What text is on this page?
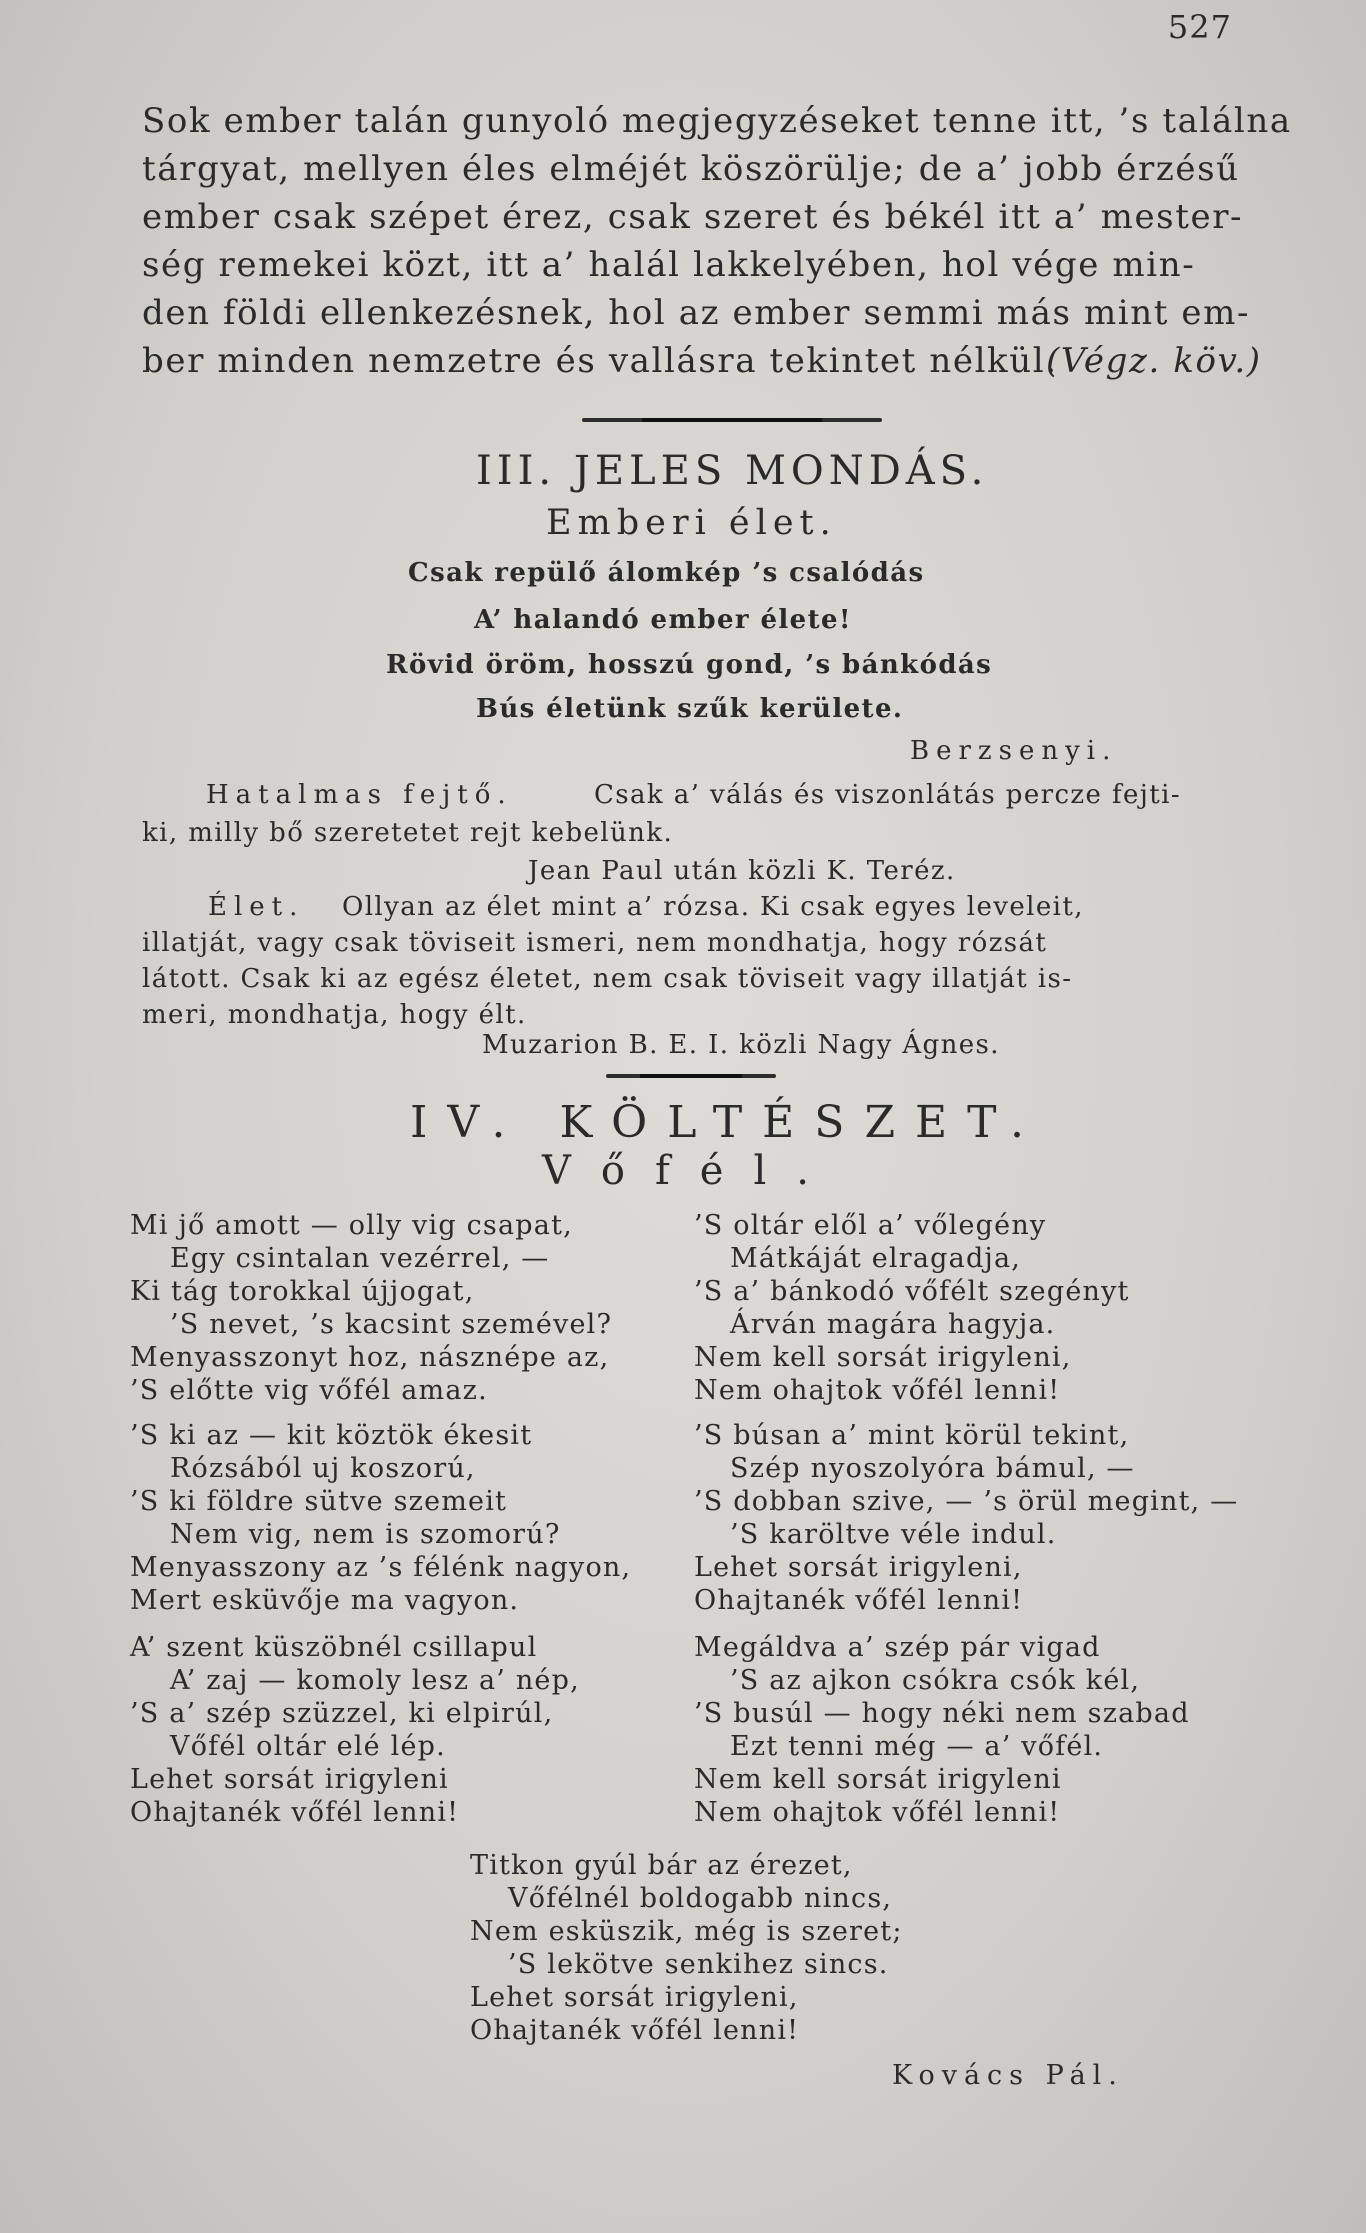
527
Sok ember talán gunyoló megjegyzéseket tenne itt, ’s találna
tárgyat, mellyen éles elméjét köszörülje; de a’ jobb érzésű
ember csak szépet érez, csak szeret és békél itt a’ mester-
ség remekei közt, itt a’ halál lakkelyében, hol vége min-
den földi ellenkezésnek, hol az ember semmi más mint em-
ber minden nemzetre és vallásra tekintet nélkül.
(Végz. köv.)
III. JELES MONDÁS.
Emberi élet.
Csak repülő álomkép ’s csalódás
A’ halandó ember élete!
Rövid öröm, hosszú gond, ’s bánkódás
Bús életünk szűk kerülete.
Berzsenyi.
Hatalmas fejtő.	Csak a’ válás és viszonlátás percze fejti-
ki, milly bő szeretetet rejt kebelünk.
Jean Paul után közli K. Teréz.
Élet. Ollyan az élet mint a’ rózsa. Ki csak egyes leveleit,
illatját, vagy csak töviseit ismeri, nem mondhatja, hogy rózsát
látott. Csak ki az egész életet, nem csak töviseit vagy illatját is-
meri, mondhatja, hogy élt.
Muzarion B. E. I. közli Nagy Ágnes.
IV. KÖLTÉSZET.
Vőfél.
Mi jő amott — olly vig csapat,
Egy csintalan vezérrel, —
Ki tág torokkal újjogat,
’S nevet, ’s kacsint szemével?
Menyasszonyt hoz, násznépe az,
’S előtte vig vőfél amaz.
’S ki az — kit köztök ékesit
Rózsából uj koszorú,
’S ki földre sütve szemeit
Nem vig, nem is szomorú?
Menyasszony az ’s félénk nagyon,
Mert esküvője ma vagyon.
A’ szent küszöbnél csillapul
A’ zaj — komoly lesz a’ nép,
’S a’ szép szüzzel, ki elpirúl,
Vőfél oltár elé lép.
Lehet sorsát irigyleni
Ohajtanék vőfél lenni!
’S oltár elől a’ vőlegény
Mátkáját elragadja,
’S a’ bánkodó vőfélt szegényt
Árván magára hagyja.
Nem kell sorsát irigyleni,
Nem ohajtok vőfél lenni!
’S búsan a’ mint körül tekint,
Szép nyoszolyóra bámul, —
’S dobban szive, — ’s örül megint, —
’S karöltve véle indul.
Lehet sorsát irigyleni,
Ohajtanék vőfél lenni!
Megáldva a’ szép pár vigad
’S az ajkon csókra csók kél,
’S busúl — hogy néki nem szabad
Ezt tenni még — a’ vőfél.
Nem kell sorsát irigyleni
Nem ohajtok vőfél lenni!
Titkon gyúl bár az érezet,
Vőfélnél boldogabb nincs,
Nem esküszik, még is szeret;
’S lekötve senkihez sincs.
Lehet sorsát irigyleni,
Ohajtanék vőfél lenni!
Kovács Pál.
